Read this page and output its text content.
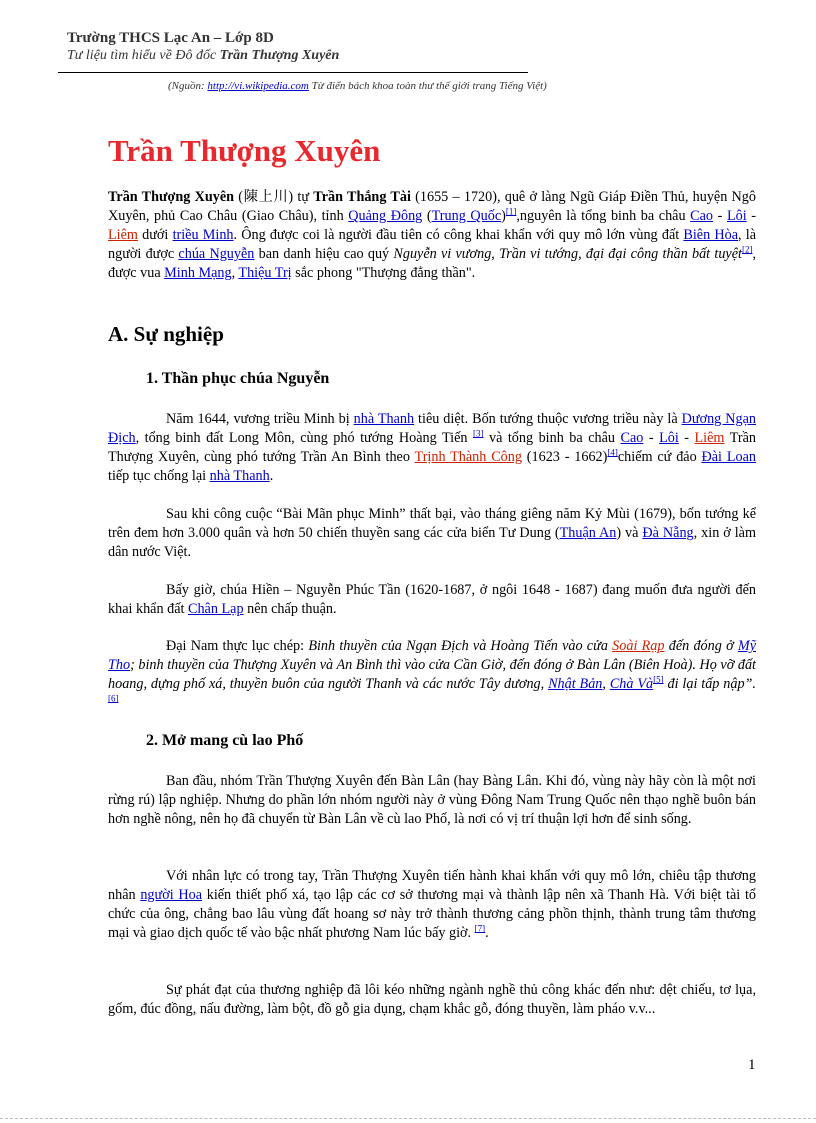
Trường THCS Lạc An – Lớp 8D
Tư liệu tìm hiểu về Đô đốc Trần Thượng Xuyên
(Nguồn: http://vi.wikipedia.com Từ điển bách khoa toàn thư thế giới trang Tiếng Việt)
Trần Thượng Xuyên

Trần Thượng Xuyên (陳上川) tự Trần Thắng Tài (1655 – 1720), quê ở làng Ngũ Giáp Điền Thủ, huyện Ngô Xuyên, phủ Cao Châu (Giao Châu), tỉnh Quảng Đông (Trung Quốc)[1],nguyên là tổng binh ba châu Cao - Lôi - Liêm dưới triều Minh. Ông được coi là người đầu tiên có công khai khẩn với quy mô lớn vùng đất Biên Hòa, là người được chúa Nguyễn ban danh hiệu cao quý Nguyễn vi vương, Trần vi tướng, đại đại công thần bất tuyệt[2], được vua Minh Mạng, Thiệu Trị sắc phong "Thượng đẳng thần".

A. Sự nghiệp
1. Thần phục chúa Nguyễn

Năm 1644, vương triều Minh bị nhà Thanh tiêu diệt. Bốn tướng thuộc vương triều này là Dương Ngạn Địch, tổng binh đất Long Môn, cùng phó tướng Hoàng Tiến [3] và tổng binh ba châu Cao - Lôi - Liêm Trần Thượng Xuyên, cùng phó tướng Trần An Bình theo Trịnh Thành Công (1623 - 1662)[4]chiếm cứ đảo Đài Loan tiếp tục chống lại nhà Thanh.

Sau khi công cuộc “Bài Mãn phục Minh” thất bại, vào tháng giêng năm Kỷ Mùi (1679), bốn tướng kể trên đem hơn 3.000 quân và hơn 50 chiến thuyền sang các cửa biển Tư Dung (Thuận An) và Đà Nẵng, xin ở làm dân nước Việt.

Bấy giờ, chúa Hiền – Nguyễn Phúc Tần (1620-1687, ở ngôi 1648 - 1687) đang muốn đưa người đến khai khẩn đất Chân Lạp nên chấp thuận.

Đại Nam thực lục chép: Binh thuyền của Ngạn Địch và Hoàng Tiến vào cửa Soài Rạp đến đóng ở Mỹ Tho; binh thuyền của Thượng Xuyên và An Bình thì vào cửa Cần Giờ, đến đóng ở Bàn Lân (Biên Hoà). Họ vỡ đất hoang, dựng phố xá, thuyền buôn của người Thanh và các nước Tây dương, Nhật Bản, Chà Và[5] đi lại tấp nập”.[6]

2. Mở mang cù lao Phố

Ban đầu, nhóm Trần Thượng Xuyên đến Bàn Lân (hay Bàng Lân. Khi đó, vùng này hãy còn là một nơi rừng rú) lập nghiệp. Nhưng do phần lớn nhóm người này ở vùng Đông Nam Trung Quốc nên thạo nghề buôn bán hơn nghề nông, nên họ đã chuyển từ Bàn Lân về cù lao Phố, là nơi có vị trí thuận lợi hơn để sinh sống.

Với nhân lực có trong tay, Trần Thượng Xuyên tiến hành khai khẩn với quy mô lớn, chiêu tập thương nhân người Hoa kiến thiết phố xá, tạo lập các cơ sở thương mại và thành lập nên xã Thanh Hà. Với biệt tài tổ chức của ông, chẳng bao lâu vùng đất hoang sơ này trở thành thương cảng phồn thịnh, thành trung tâm thương mại và giao dịch quốc tế vào bậc nhất phương Nam lúc bấy giờ. [7].

Sự phát đạt của thương nghiệp đã lôi kéo những ngành nghề thủ công khác đến như: dệt chiếu, tơ lụa, gốm, đúc đồng, nấu đường, làm bột, đồ gỗ gia dụng, chạm khắc gỗ, đóng thuyền, làm pháo v.v...

1
